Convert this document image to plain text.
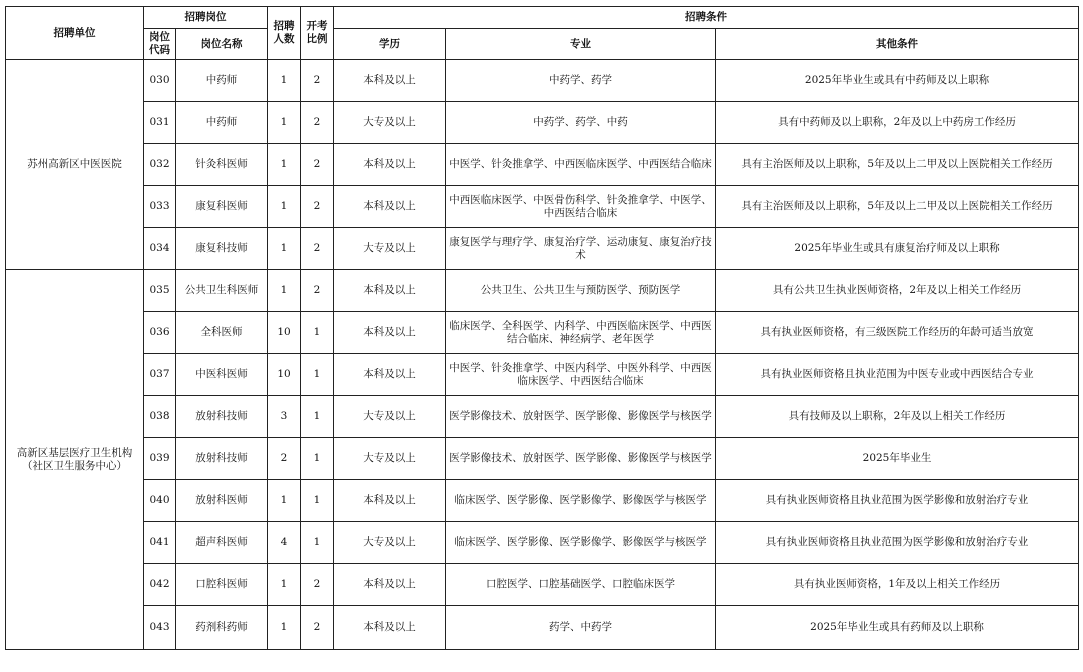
招聘单位	招聘岗位		招聘人数	开考比例	招聘条件		
	岗位代码	岗位名称			学历	专业	其他条件
苏州高新区中医医院	030	中药师	1	2	本科及以上	中药学、药学	2025年毕业生或具有中药师及以上职称
	031	中药师	1	2	大专及以上	中药学、药学、中药	具有中药师及以上职称，2年及以上中药房工作经历
	032	针灸科医师	1	2	本科及以上	中医学、针灸推拿学、中西医临床医学、中西医结合临床	具有主治医师及以上职称，5年及以上二甲及以上医院相关工作经历
	033	康复科医师	1	2	本科及以上	中西医临床医学、中医骨伤科学、针灸推拿学、中医学、中西医结合临床	具有主治医师及以上职称，5年及以上二甲及以上医院相关工作经历
	034	康复科技师	1	2	大专及以上	康复医学与理疗学、康复治疗学、运动康复、康复治疗技术	2025年毕业生或具有康复治疗师及以上职称
高新区基层医疗卫生机构（社区卫生服务中心）	035	公共卫生科医师	1	2	本科及以上	公共卫生、公共卫生与预防医学、预防医学	具有公共卫生执业医师资格，2年及以上相关工作经历
	036	全科医师	10	1	本科及以上	临床医学、全科医学、内科学、中西医临床医学、中西医结合临床、神经病学、老年医学	具有执业医师资格，有三级医院工作经历的年龄可适当放宽
	037	中医科医师	10	1	本科及以上	中医学、针灸推拿学、中医内科学、中医外科学、中西医临床医学、中西医结合临床	具有执业医师资格且执业范围为中医专业或中西医结合专业
	038	放射科技师	3	1	大专及以上	医学影像技术、放射医学、医学影像、影像医学与核医学	具有技师及以上职称，2年及以上相关工作经历
	039	放射科技师	2	1	大专及以上	医学影像技术、放射医学、医学影像、影像医学与核医学	2025年毕业生
	040	放射科医师	1	1	本科及以上	临床医学、医学影像、医学影像学、影像医学与核医学	具有执业医师资格且执业范围为医学影像和放射治疗专业
	041	超声科医师	4	1	大专及以上	临床医学、医学影像、医学影像学、影像医学与核医学	具有执业医师资格且执业范围为医学影像和放射治疗专业
	042	口腔科医师	1	2	本科及以上	口腔医学、口腔基础医学、口腔临床医学	具有执业医师资格，1年及以上相关工作经历
	043	药剂科药师	1	2	本科及以上	药学、中药学	2025年毕业生或具有药师及以上职称
